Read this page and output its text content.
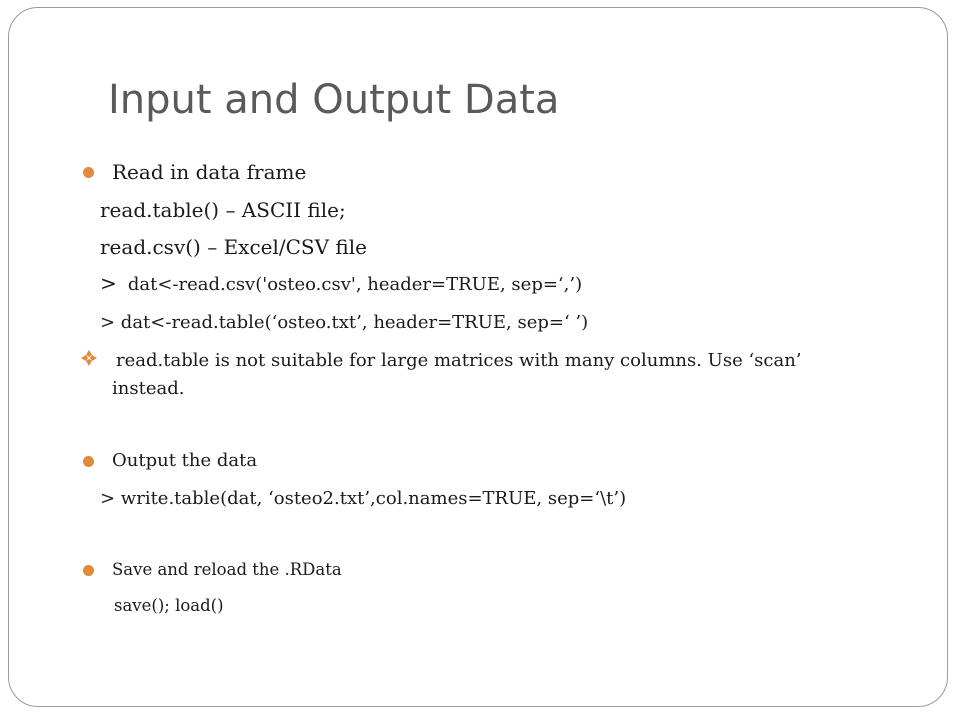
Input and Output Data
Read in data frame
read.table() – ASCII file;
read.csv() – Excel/CSV file
> dat<-read.csv('osteo.csv', header=TRUE, sep=‘,’)
> dat<-read.table(‘osteo.txt’, header=TRUE, sep=‘ ’)
read.table is not suitable for large matrices with many columns. Use ‘scan’
instead.
Output the data
> write.table(dat, ‘osteo2.txt’,col.names=TRUE, sep=‘\t’)
Save and reload the .RData
save(); load()
